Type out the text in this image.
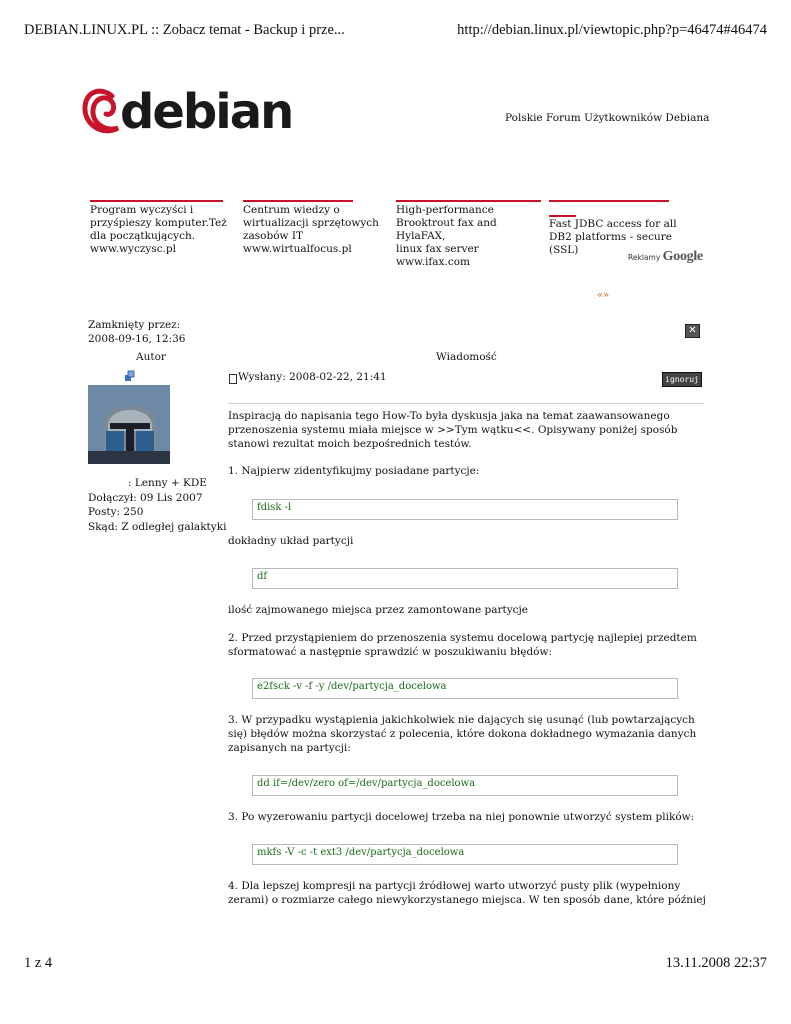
DEBIAN.LINUX.PL :: Zobacz temat - Backup i prze...	http://debian.linux.pl/viewtopic.php?p=46474#46474
1 z 4	13.11.2008 22:37
debian	Polskie Forum Użytkowników Debiana
Program wyczyści i
przyśpieszy komputer.Też
dla początkujących.
www.wyczysc.pl
Centrum wiedzy o
wirtualizacji sprzętowych
zasobów IT
www.wirtualfocus.pl
High-performance
Brooktrout fax and HylaFAX,
linux fax server
www.ifax.com
Fast JDBC access for all
DB2 platforms - secure
(SSL)
Reklamy Google
«»
Zamknięty przez:
2008-09-16, 12:36
✕
Autor	Wiadomość
: Lenny + KDE
Dołączył: 09 Lis 2007
Posty: 250
Skąd: Z odległej galaktyki
Wysłany: 2008-02-22, 21:41	ignoruj
Inspiracją do napisania tego How-To była dyskusja jaka na temat zaawansowanego przenoszenia systemu miała miejsce w >>Tym wątku<<. Opisywany poniżej sposób stanowi rezultat moich bezpośrednich testów.
1. Najpierw zidentyfikujmy posiadane partycje:
fdisk -l
dokładny układ partycji
df
ilość zajmowanego miejsca przez zamontowane partycje
2. Przed przystąpieniem do przenoszenia systemu docelową partycję najlepiej przedtem sformatować a następnie sprawdzić w poszukiwaniu błędów:
e2fsck -v -f -y /dev/partycja_docelowa
3. W przypadku wystąpienia jakichkolwiek nie dających się usunąć (lub powtarzających się) błędów można skorzystać z polecenia, które dokona dokładnego wymazania danych zapisanych na partycji:
dd if=/dev/zero of=/dev/partycja_docelowa
3. Po wyzerowaniu partycji docelowej trzeba na niej ponownie utworzyć system plików:
mkfs -V -c -t ext3 /dev/partycja_docelowa
4. Dla lepszej kompresji na partycji źródłowej warto utworzyć pusty plik (wypełniony zerami) o rozmiarze całego niewykorzystanego miejsca. W ten sposób dane, które później
